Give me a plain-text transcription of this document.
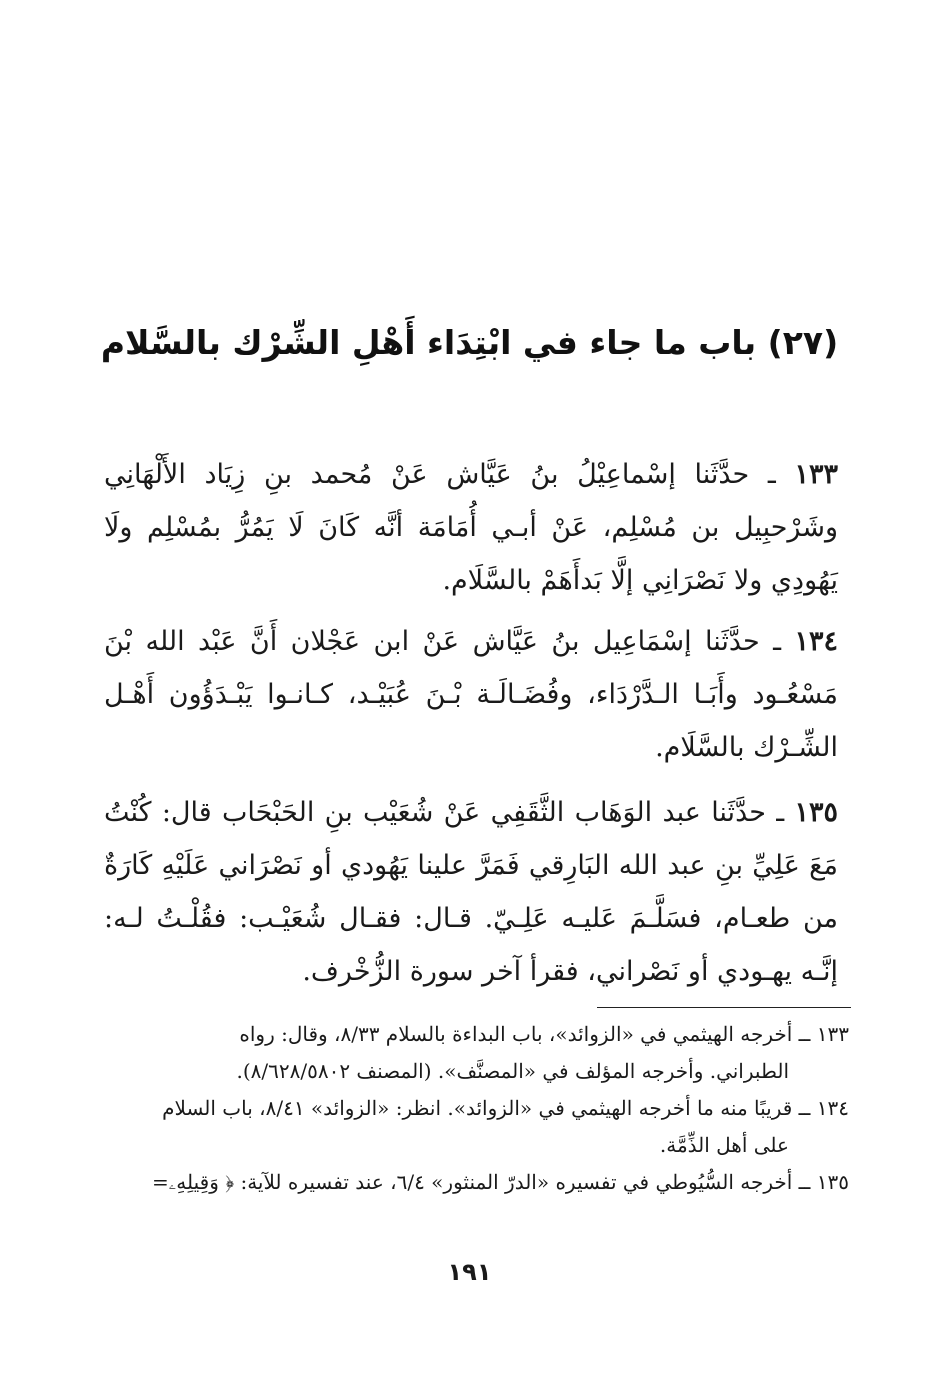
(٢٧) باب ما جاء في ابْتِدَاء أَهْلِ الشِّرْك بالسَّلام

١٣٣ ـ حدَّثَنا إسْماعِيْلُ بنُ عَيَّاش عَنْ مُحمد بنِ زِيَاد الأَلْهَانِي وشَرْحبِيل بن مُسْلِم، عَنْ أبـي أُمَامَة أنَّه كَانَ لَا يَمُرُّ بمُسْلِم ولَا يَهُودِي ولا نَصْرَانِي إلَّا بَدأَهَمْ بالسَّلَام.

١٣٤ ـ حدَّثَنا إسْمَاعِيل بنُ عَيَّاش عَنْ ابن عَجْلان أَنَّ عَبْد الله بْنَ مَسْعُـود وأَبَـا الـدَّرْدَاء، وفُضَـالَـة بْـنَ عُبَيْـد، كـانـوا يَبْـدَؤُون أَهْـل الشِّـرْك بالسَّلَام.

١٣٥ ـ حدَّثَنا عبد الوَهَاب الثَّقَفِي عَنْ شُعَيْب بنِ الحَبْحَاب قال: كُنْتُ مَعَ عَلِيِّ بنِ عبد الله البَارِقي فَمَرَّ علينا يَهُودي أو نَصْرَاني عَلَيْهِ كَارَةٌ من طعـام، فسَلَّـمَ عَليـه عَلِـيّ. قـال: فقـال شُعَيْـب: فقُلْـتُ لـه: إنَّـه يهـودي أو نَصْراني، فقرأ آخر سورة الزُّخْرف.

١٣٣ ــ أخرجه الهيثمي في «الزوائد»، باب البداءة بالسلام ٨/٣٣، وقال: رواه

الطبراني. وأخرجه المؤلف في «المصنَّف». (المصنف ٨/٦٢٨/٥٨٠٢).

١٣٤ ــ قريبًا منه ما أخرجه الهيثمي في «الزوائد». انظر: «الزوائد» ٨/٤١، باب السلام

على أهل الذِّمَّة.

١٣٥ ــ أخرجه السُّيُوطي في تفسيره «الدرّ المنثور» ٦/٤، عند تفسيره للآية: ﴿ وَقِيلِهِۦ=

١٩١
